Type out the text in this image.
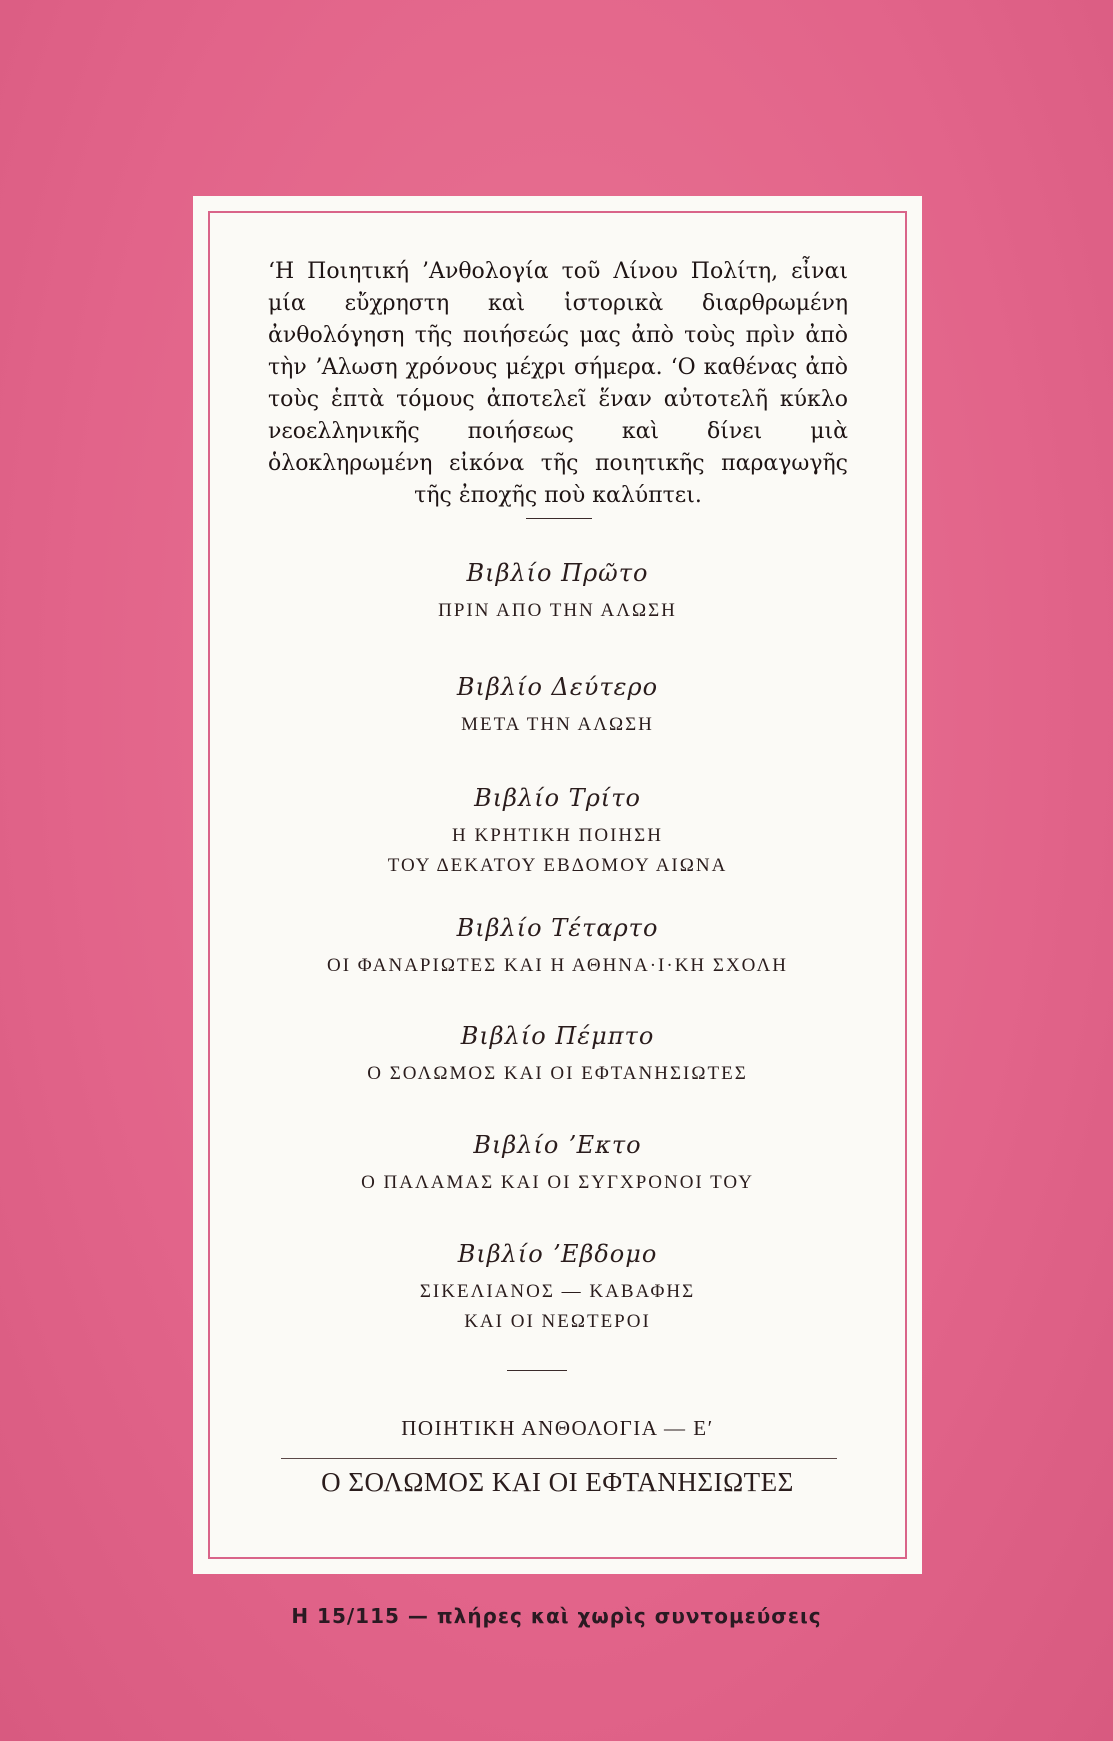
‘Η Ποιητική ’Ανθολογία τοῦ Λίνου Πολίτη, εἶναι μία εὔχρηστη καὶ ἱστορικὰ διαρθρωμένη ἀνθολόγηση τῆς ποιήσεώς μας ἀπὸ τοὺς πρὶν ἀπὸ τὴν ʼΑλωση χρόνους μέχρι σήμερα. ‘Ο καθένας ἀπὸ τοὺς ἑπτὰ τόμους ἀποτελεῖ ἕναν αὐτοτελῆ κύκλο νεοελληνικῆς ποιήσεως καὶ δίνει μιὰ ὁλοκληρωμένη εἰκόνα τῆς ποιητικῆς παραγωγῆς τῆς ἐποχῆς ποὺ καλύπτει.
Βιβλίο Πρῶτο
ΠΡΙΝ ΑΠΟ ΤΗΝ ΑΛΩΣΗ
Βιβλίο Δεύτερο
ΜΕΤΑ ΤΗΝ ΑΛΩΣΗ
Βιβλίο Τρίτο
Η ΚΡΗΤΙΚΗ ΠΟΙΗΣΗ
ΤΟΥ ΔΕΚΑΤΟΥ ΕΒΔΟΜΟΥ ΑΙΩΝΑ
Βιβλίο Τέταρτο
ΟΙ ΦΑΝΑΡΙΩΤΕΣ ΚΑΙ Η ΑΘΗΝΑ·Ι·ΚΗ ΣΧΟΛΗ
Βιβλίο Πέμπτο
Ο ΣΟΛΩΜΟΣ ΚΑΙ ΟΙ ΕΦΤΑΝΗΣΙΩΤΕΣ
Βιβλίο ʼΕκτο
Ο ΠΑΛΑΜΑΣ ΚΑΙ ΟΙ ΣΥΓΧΡΟΝΟΙ ΤΟΥ
Βιβλίο ʼΕβδομο
ΣΙΚΕΛΙΑΝΟΣ — ΚΑΒΑΦΗΣ
ΚΑΙ ΟΙ ΝΕΩΤΕΡΟΙ
ΠΟΙΗΤΙΚΗ ΑΝΘΟΛΟΓΙΑ — Ε′
Ο ΣΟΛΩΜΟΣ ΚΑΙ ΟΙ ΕΦΤΑΝΗΣΙΩΤΕΣ
Η 15/115 — πλήρες καὶ χωρὶς συντομεύσεις
